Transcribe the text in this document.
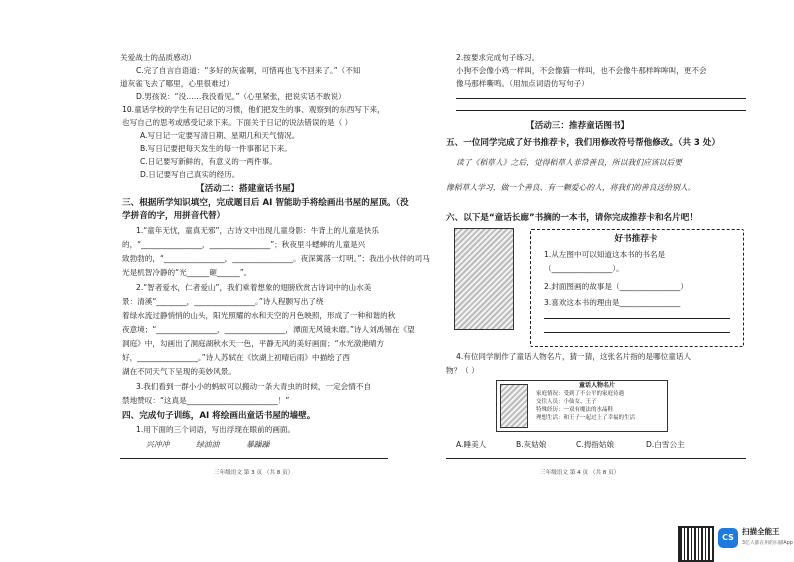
关爱战士的品质感动）
C.完了自言自语道：“多好的灰雀啊，可惜再也飞不回来了。”（不知
道灰雀飞去了哪里，心里很难过）
D.男孩说：“没……我没看见。”（心里紧张，把说实话不敢说）
10.童话学校的学生有记日记的习惯，他们把发生的事、观察到的东西写下来，
也写自己的思考或感受记录下来。下面关于日记的说法错误的是（ ）
A.写日记一定要写清日期、星期几和天气情况。
B.写日记要把每天发生的每一件事都记下来。
C.日记要写新鲜的，有意义的一两件事。
D.日记要写自己真实的经历。
【活动二：搭建童话书屋】
三、根据所学知识填空，完成题目后 AI 智能助手将绘画出书屋的屋顶。（没
学拼音的字，用拼音代替）
1.“童年无忧，童真无邪”，古诗文中出现儿童身影：牛背上的儿童是快乐
的，“________________，________________”；秋夜里斗蟋蟀的儿童是兴
致勃勃的，“________________，________________。夜深篱落一灯明。”；我出小伙伴的司马
光是机智冷静的“光______砸______”。
2.“智者爱水，仁者爱山”，我们乘着想象的翅膀欣赏古诗词中的山水美
景：清溪“________，________________。”诗人程颢写出了绕
着绿水流过静悄悄的山头，阳光照耀的水和天空的月色映照，形成了一种和谐的秋
夜意境；“________________，________________，潭面无风镜未磨。”诗人刘禹锡在《望
洞庭》中，勾画出了洞庭湖秋水天一色，平静无风的美好画面；“水光潋滟晴方
好，________________。”诗人苏轼在《饮湖上初晴后雨》中描绘了西
湖在不同天气下呈现的美妙风景。
3.我们看到一群小小的蚂蚁可以搬动一条大青虫的时候，一定会情不自
禁地赞叹：“这真是________________________！”
四、完成句子训练，AI 将绘画出童话书屋的墙壁。
1.用下面的三个词语，写出浮现在眼前的画面。
兴冲冲	绿油油	暴躁躁
三年级语文 第 3 页 （共 8 页）
2.按要求完成句子练习。
小狗不会像小鸡一样叫，不会像猫一样叫，也不会像牛那样哞哞叫，更不会
像马那样嘶鸣。（用加点词语仿写句子）
【活动三：推荐童话图书】
五、一位同学完成了好书推荐卡，我们用修改符号帮他修改。（共 3 处）
读了《稻草人》之后，觉得稻草人非常善良，所以我们应该以后要
像稻草人学习，做一个善良、有一颗爱心的人，将我们的善良送给别人。
六、以下是“童话长廊”书摘的一本书，请你完成推荐卡和名片吧！
好书推荐卡
1.从左图中可以知道这本书的书名是
（________________）。
2.封面图画的故事是（________________）
3.喜欢这本书的理由是________________
4.有位同学制作了童话人物名片，猜一猜，这张名片指的是哪位童话人
物？（ ）
童话人物名片
家庭情况：受到了不公平的家庭待遇
交往人员：小仙女、王子
特殊经历：一双有魔法的水晶鞋
理想生活：和王子一起过上了幸福的生活
A.睡美人	B.灰姑娘	C.拇指姑娘	D.白雪公主
三年级语文 第 4 页 （共 8 页）
CS
扫描全能王
3亿人都在用的扫描App
